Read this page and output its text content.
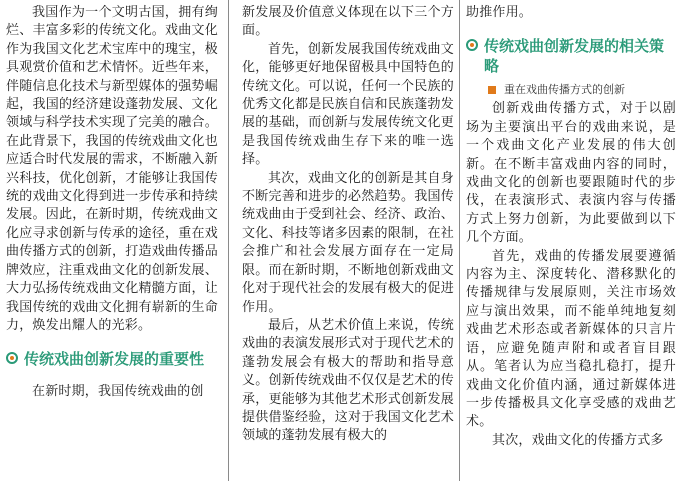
我国作为一个文明古国，拥有绚烂、丰富多彩的传统文化。戏曲文化作为我国文化艺术宝库中的瑰宝，极具观赏价值和艺术情怀。近些年来，伴随信息化技术与新型媒体的强势崛起，我国的经济建设蓬勃发展、文化领域与科学技术实现了完美的融合。在此背景下，我国的传统戏曲文化也应适合时代发展的需求，不断融入新兴科技，优化创新，才能够让我国传统的戏曲文化得到进一步传承和持续发展。因此，在新时期，传统戏曲文化应寻求创新与传承的途径，重在戏曲传播方式的创新，打造戏曲传播品牌效应，注重戏曲文化的创新发展、大力弘扬传统戏曲文化精髓方面，让我国传统的戏曲文化拥有崭新的生命力，焕发出耀人的光彩。

传统戏曲创新发展的重要性

在新时期，我国传统戏曲的创

新发展及价值意义体现在以下三个方面。

首先，创新发展我国传统戏曲文化，能够更好地保留极具中国特色的传统文化。可以说，任何一个民族的优秀文化都是民族自信和民族蓬勃发展的基础，而创新与发展传统文化更是我国传统戏曲生存下来的唯一选择。

其次，戏曲文化的创新是其自身不断完善和进步的必然趋势。我国传统戏曲由于受到社会、经济、政治、文化、科技等诸多因素的限制，在社会推广和社会发展方面存在一定局限。而在新时期，不断地创新戏曲文化对于现代社会的发展有极大的促进作用。

最后，从艺术价值上来说，传统戏曲的表演发展形式对于现代艺术的蓬勃发展会有极大的帮助和指导意义。创新传统戏曲不仅仅是艺术的传承，更能够为其他艺术形式创新发展提供借鉴经验，这对于我国文化艺术领域的蓬勃发展有极大的

助推作用。

传统戏曲创新发展的相关策略
重在戏曲传播方式的创新

创新戏曲传播方式，对于以剧场为主要演出平台的戏曲来说，是一个戏曲文化产业发展的伟大创新。在不断丰富戏曲内容的同时，戏曲文化的创新也要跟随时代的步伐，在表演形式、表演内容与传播方式上努力创新，为此要做到以下几个方面。

首先，戏曲的传播发展要遵循内容为主、深度转化、潜移默化的传播规律与发展原则，关注市场效应与演出效果，而不能单纯地复刻戏曲艺术形态或者新媒体的只言片语，应避免随声附和或者盲目跟从。笔者认为应当稳扎稳打，提升戏曲文化价值内涵，通过新媒体进一步传播极具文化享受感的戏曲艺术。

其次，戏曲文化的传播方式多
